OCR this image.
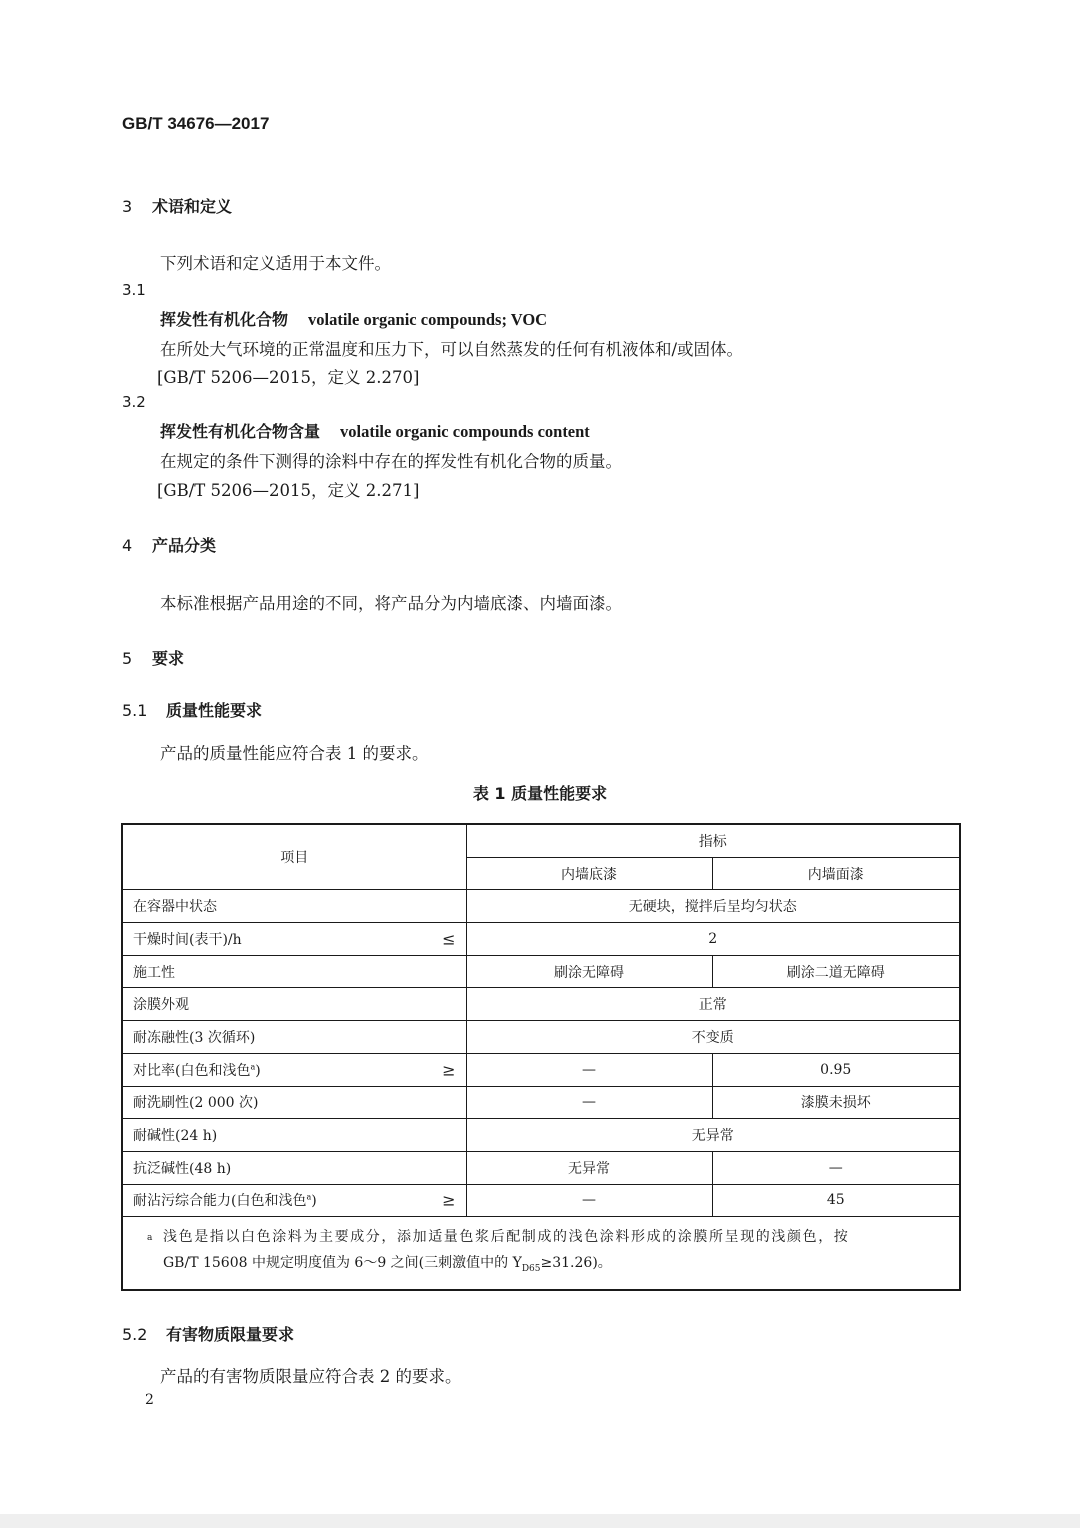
GB/T 34676—2017
3 术语和定义
下列术语和定义适用于本文件。
3.1
挥发性有机化合物 volatile organic compounds; VOC
在所处大气环境的正常温度和压力下，可以自然蒸发的任何有机液体和/或固体。
[GB/T 5206—2015，定义 2.270]
3.2
挥发性有机化合物含量 volatile organic compounds content
在规定的条件下测得的涂料中存在的挥发性有机化合物的质量。
[GB/T 5206—2015，定义 2.271]
4 产品分类
本标准根据产品用途的不同，将产品分为内墙底漆、内墙面漆。
5 要求
5.1 质量性能要求
产品的质量性能应符合表 1 的要求。
表 1 质量性能要求
项目	指标	
	内墙底漆	内墙面漆
在容器中状态	无硬块，搅拌后呈均匀状态	
干燥时间(表干)/h ≤	2	
施工性	刷涂无障碍	刷涂二道无障碍
涂膜外观	正常	
耐冻融性(3 次循环)	不变质	
对比率(白色和浅色$^a$) ≥	—	0.95
耐洗刷性(2 000 次)	—	漆膜未损坏
耐碱性(24 h)	无异常	
抗泛碱性(48 h)	无异常	—
耐沾污综合能力(白色和浅色$^a$) ≥	—	45

a 浅色是指以白色涂料为主要成分，添加适量色浆后配制成的浅色涂料形成的涂膜所呈现的浅颜色，按
GB/T 15608 中规定明度值为 6～9 之间(三刺激值中的 $Y_{D65}\ge 31.26$)。		
5.2 有害物质限量要求
产品的有害物质限量应符合表 2 的要求。
2
